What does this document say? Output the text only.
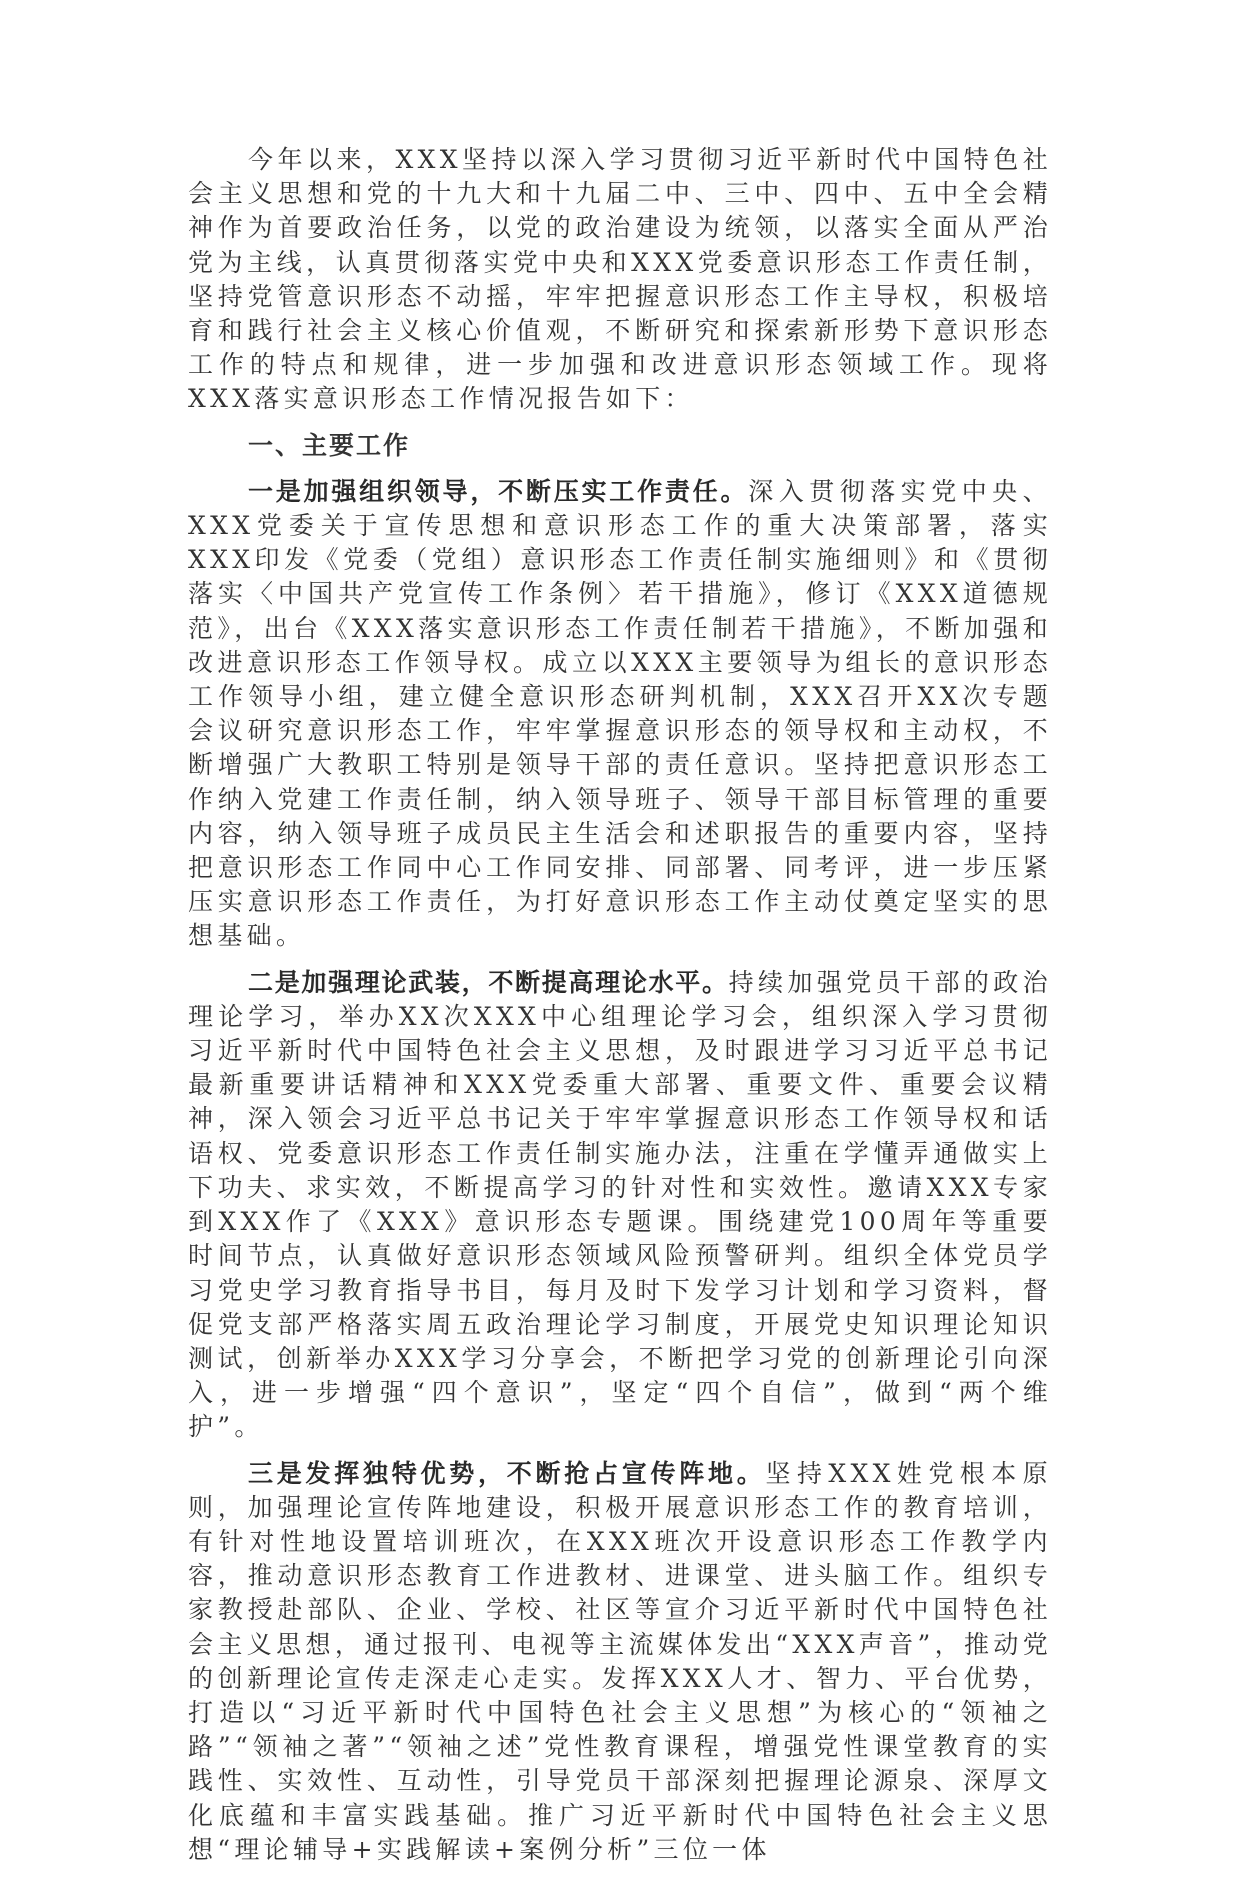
今年以来，XXX坚持以深入学习贯彻习近平新时代中国特色社会主义思想和党的十九大和十九届二中、三中、四中、五中全会精神作为首要政治任务，以党的政治建设为统领，以落实全面从严治党为主线，认真贯彻落实党中央和XXX党委意识形态工作责任制，坚持党管意识形态不动摇，牢牢把握意识形态工作主导权，积极培育和践行社会主义核心价值观，不断研究和探索新形势下意识形态工作的特点和规律，进一步加强和改进意识形态领域工作。现将XXX落实意识形态工作情况报告如下：

一、主要工作

一是加强组织领导，不断压实工作责任。深入贯彻落实党中央、XXX党委关于宣传思想和意识形态工作的重大决策部署，落实XXX印发《党委（党组）意识形态工作责任制实施细则》和《贯彻落实〈中国共产党宣传工作条例〉若干措施》，修订《XXX道德规范》，出台《XXX落实意识形态工作责任制若干措施》，不断加强和改进意识形态工作领导权。成立以XXX主要领导为组长的意识形态工作领导小组，建立健全意识形态研判机制，XXX召开XX次专题会议研究意识形态工作，牢牢掌握意识形态的领导权和主动权，不断增强广大教职工特别是领导干部的责任意识。坚持把意识形态工作纳入党建工作责任制，纳入领导班子、领导干部目标管理的重要内容，纳入领导班子成员民主生活会和述职报告的重要内容，坚持把意识形态工作同中心工作同安排、同部署、同考评，进一步压紧压实意识形态工作责任，为打好意识形态工作主动仗奠定坚实的思想基础。

二是加强理论武装，不断提高理论水平。持续加强党员干部的政治理论学习，举办XX次XXX中心组理论学习会，组织深入学习贯彻习近平新时代中国特色社会主义思想，及时跟进学习习近平总书记最新重要讲话精神和XXX党委重大部署、重要文件、重要会议精神，深入领会习近平总书记关于牢牢掌握意识形态工作领导权和话语权、党委意识形态工作责任制实施办法，注重在学懂弄通做实上下功夫、求实效，不断提高学习的针对性和实效性。邀请XXX专家到XXX作了《XXX》意识形态专题课。围绕建党100周年等重要时间节点，认真做好意识形态领域风险预警研判。组织全体党员学习党史学习教育指导书目，每月及时下发学习计划和学习资料，督促党支部严格落实周五政治理论学习制度，开展党史知识理论知识测试，创新举办XXX学习分享会，不断把学习党的创新理论引向深入，进一步增强“四个意识”，坚定“四个自信”，做到“两个维护”。

三是发挥独特优势，不断抢占宣传阵地。坚持XXX姓党根本原则，加强理论宣传阵地建设，积极开展意识形态工作的教育培训，有针对性地设置培训班次，在XXX班次开设意识形态工作教学内容，推动意识形态教育工作进教材、进课堂、进头脑工作。组织专家教授赴部队、企业、学校、社区等宣介习近平新时代中国特色社会主义思想，通过报刊、电视等主流媒体发出“XXX声音”，推动党的创新理论宣传走深走心走实。发挥XXX人才、智力、平台优势，打造以“习近平新时代中国特色社会主义思想”为核心的“领袖之路”“领袖之著”“领袖之述”党性教育课程，增强党性课堂教育的实践性、实效性、互动性，引导党员干部深刻把握理论源泉、深厚文化底蕴和丰富实践基础。推广习近平新时代中国特色社会主义思想“理论辅导+实践解读+案例分析”三位一体
